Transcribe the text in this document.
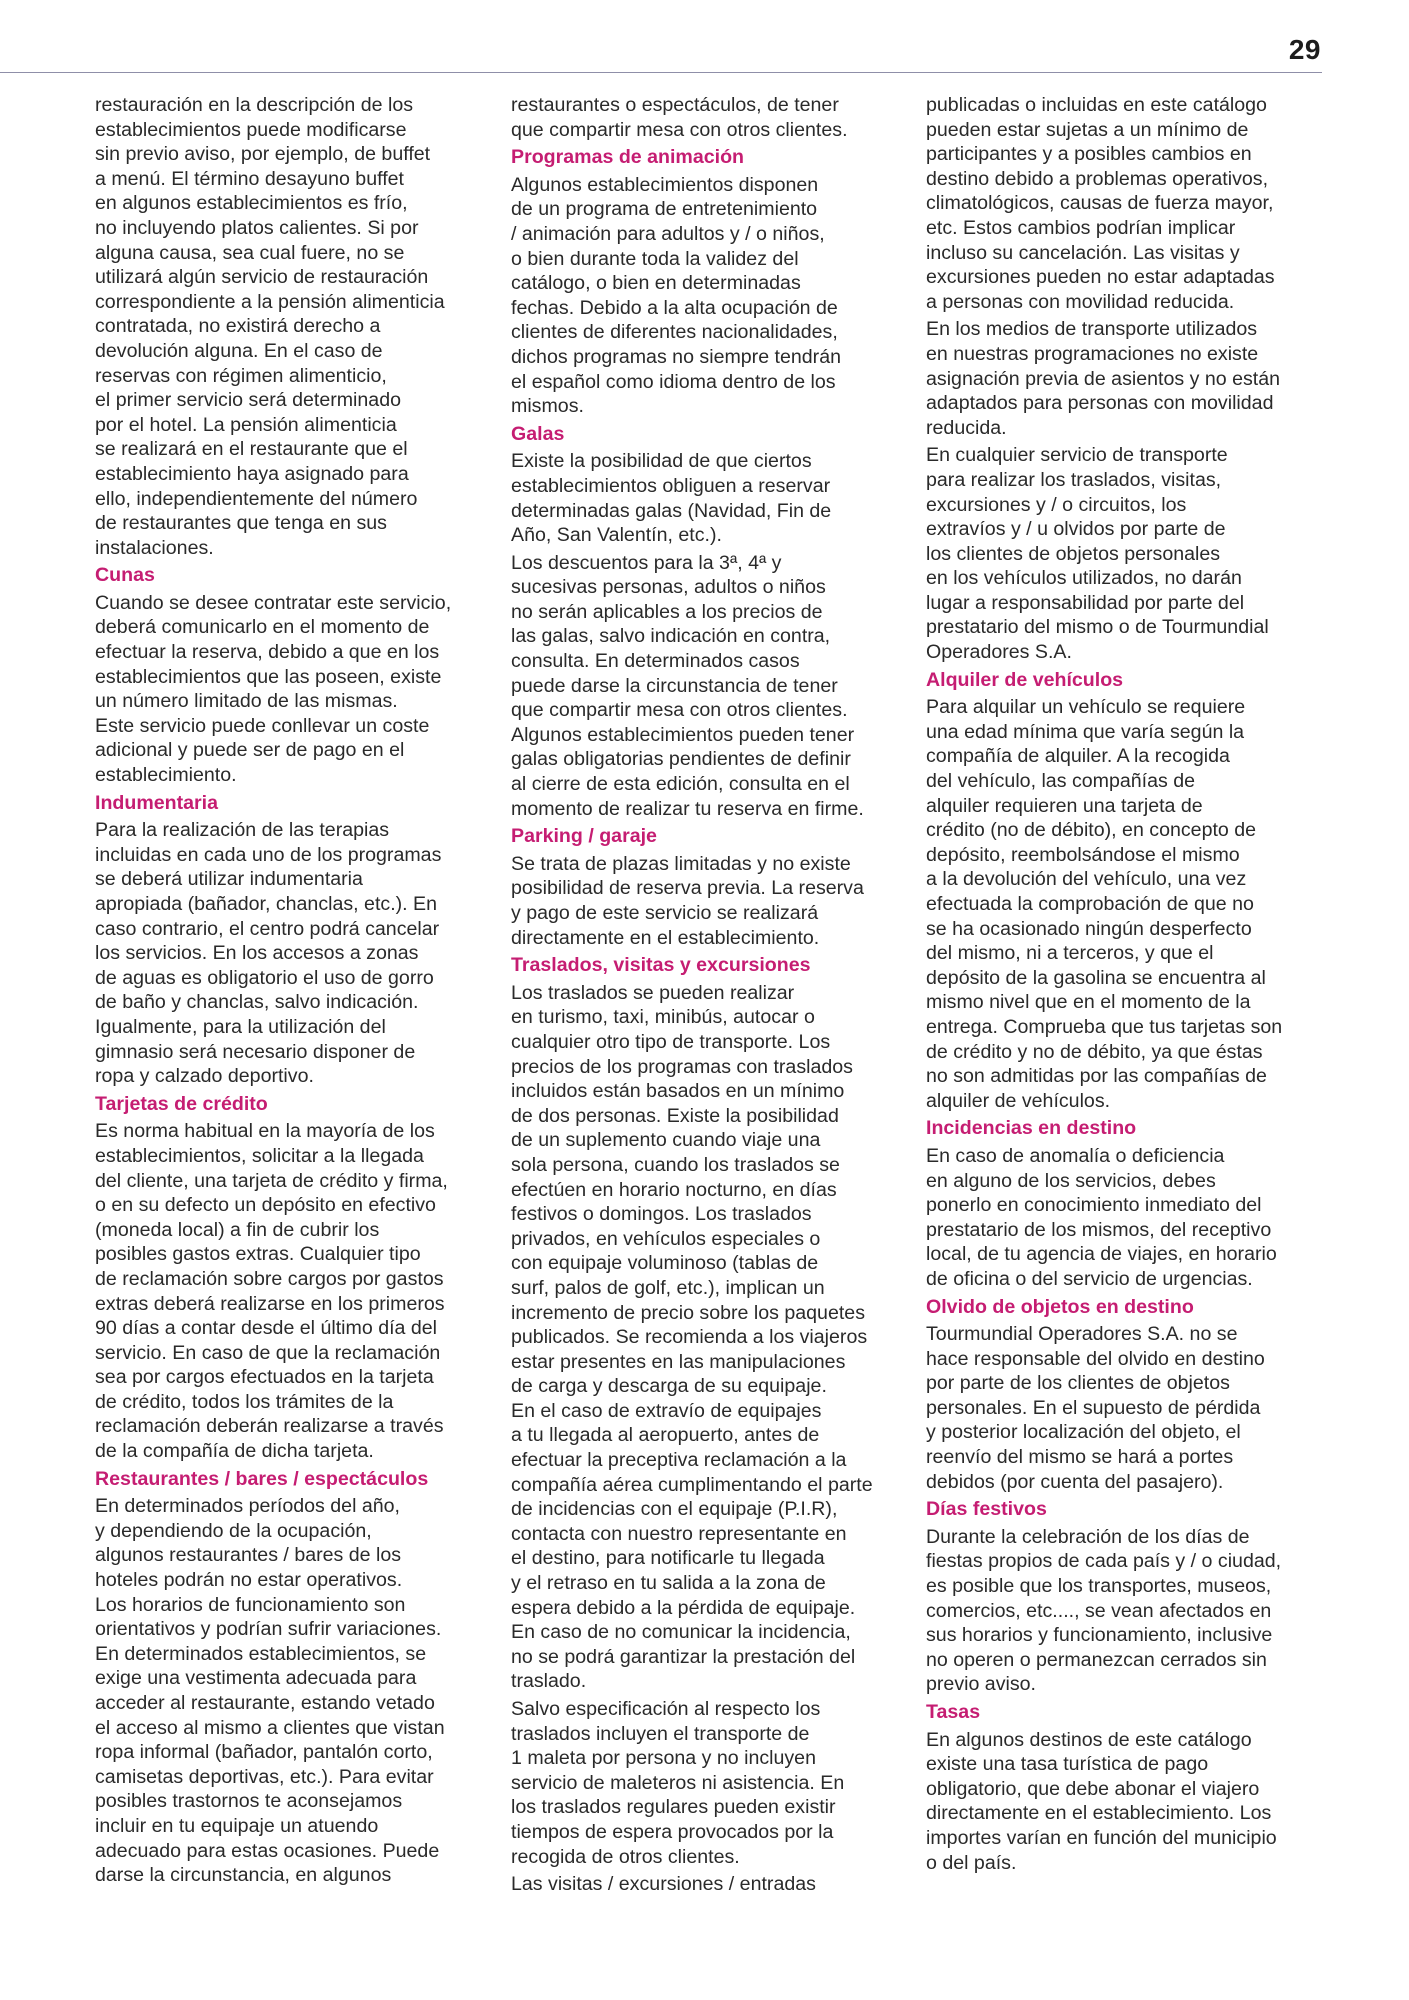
29

restauración en la descripción de los
establecimientos puede modificarse
sin previo aviso, por ejemplo, de buffet
a menú. El término desayuno buffet
en algunos establecimientos es frío,
no incluyendo platos calientes. Si por
alguna causa, sea cual fuere, no se
utilizará algún servicio de restauración
correspondiente a la pensión alimenticia
contratada, no existirá derecho a
devolución alguna. En el caso de
reservas con régimen alimenticio,
el primer servicio será determinado
por el hotel. La pensión alimenticia
se realizará en el restaurante que el
establecimiento haya asignado para
ello, independientemente del número
de restaurantes que tenga en sus
instalaciones.

Cunas

Cuando se desee contratar este servicio,
deberá comunicarlo en el momento de
efectuar la reserva, debido a que en los
establecimientos que las poseen, existe
un número limitado de las mismas.
Este servicio puede conllevar un coste
adicional y puede ser de pago en el
establecimiento.

Indumentaria

Para la realización de las terapias
incluidas en cada uno de los programas
se deberá utilizar indumentaria
apropiada (bañador, chanclas, etc.). En
caso contrario, el centro podrá cancelar
los servicios. En los accesos a zonas
de aguas es obligatorio el uso de gorro
de baño y chanclas, salvo indicación.
Igualmente, para la utilización del
gimnasio será necesario disponer de
ropa y calzado deportivo.

Tarjetas de crédito

Es norma habitual en la mayoría de los
establecimientos, solicitar a la llegada
del cliente, una tarjeta de crédito y firma,
o en su defecto un depósito en efectivo
(moneda local) a fin de cubrir los
posibles gastos extras. Cualquier tipo
de reclamación sobre cargos por gastos
extras deberá realizarse en los primeros
90 días a contar desde el último día del
servicio. En caso de que la reclamación
sea por cargos efectuados en la tarjeta
de crédito, todos los trámites de la
reclamación deberán realizarse a través
de la compañía de dicha tarjeta.

Restaurantes / bares / espectáculos

En determinados períodos del año,
y dependiendo de la ocupación,
algunos restaurantes / bares de los
hoteles podrán no estar operativos.
Los horarios de funcionamiento son
orientativos y podrían sufrir variaciones.
En determinados establecimientos, se
exige una vestimenta adecuada para
acceder al restaurante, estando vetado
el acceso al mismo a clientes que vistan
ropa informal (bañador, pantalón corto,
camisetas deportivas, etc.). Para evitar
posibles trastornos te aconsejamos
incluir en tu equipaje un atuendo
adecuado para estas ocasiones. Puede
darse la circunstancia, en algunos

restaurantes o espectáculos, de tener
que compartir mesa con otros clientes.

Programas de animación

Algunos establecimientos disponen
de un programa de entretenimiento
/ animación para adultos y / o niños,
o bien durante toda la validez del
catálogo, o bien en determinadas
fechas. Debido a la alta ocupación de
clientes de diferentes nacionalidades,
dichos programas no siempre tendrán
el español como idioma dentro de los
mismos.

Galas

Existe la posibilidad de que ciertos
establecimientos obliguen a reservar
determinadas galas (Navidad, Fin de
Año, San Valentín, etc.).

Los descuentos para la 3ª, 4ª y
sucesivas personas, adultos o niños
no serán aplicables a los precios de
las galas, salvo indicación en contra,
consulta. En determinados casos
puede darse la circunstancia de tener
que compartir mesa con otros clientes.
Algunos establecimientos pueden tener
galas obligatorias pendientes de definir
al cierre de esta edición, consulta en el
momento de realizar tu reserva en firme.

Parking / garaje

Se trata de plazas limitadas y no existe
posibilidad de reserva previa. La reserva
y pago de este servicio se realizará
directamente en el establecimiento.

Traslados, visitas y excursiones

Los traslados se pueden realizar
en turismo, taxi, minibús, autocar o
cualquier otro tipo de transporte. Los
precios de los programas con traslados
incluidos están basados en un mínimo
de dos personas. Existe la posibilidad
de un suplemento cuando viaje una
sola persona, cuando los traslados se
efectúen en horario nocturno, en días
festivos o domingos. Los traslados
privados, en vehículos especiales o
con equipaje voluminoso (tablas de
surf, palos de golf, etc.), implican un
incremento de precio sobre los paquetes
publicados. Se recomienda a los viajeros
estar presentes en las manipulaciones
de carga y descarga de su equipaje.
En el caso de extravío de equipajes
a tu llegada al aeropuerto, antes de
efectuar la preceptiva reclamación a la
compañía aérea cumplimentando el parte
de incidencias con el equipaje (P.I.R),
contacta con nuestro representante en
el destino, para notificarle tu llegada
y el retraso en tu salida a la zona de
espera debido a la pérdida de equipaje.
En caso de no comunicar la incidencia,
no se podrá garantizar la prestación del
traslado.

Salvo especificación al respecto los
traslados incluyen el transporte de
1 maleta por persona y no incluyen
servicio de maleteros ni asistencia. En
los traslados regulares pueden existir
tiempos de espera provocados por la
recogida de otros clientes.

Las visitas / excursiones / entradas

publicadas o incluidas en este catálogo
pueden estar sujetas a un mínimo de
participantes y a posibles cambios en
destino debido a problemas operativos,
climatológicos, causas de fuerza mayor,
etc. Estos cambios podrían implicar
incluso su cancelación. Las visitas y
excursiones pueden no estar adaptadas
a personas con movilidad reducida.

En los medios de transporte utilizados
en nuestras programaciones no existe
asignación previa de asientos y no están
adaptados para personas con movilidad
reducida.

En cualquier servicio de transporte
para realizar los traslados, visitas,
excursiones y / o circuitos, los
extravíos y / u olvidos por parte de
los clientes de objetos personales
en los vehículos utilizados, no darán
lugar a responsabilidad por parte del
prestatario del mismo o de Tourmundial
Operadores S.A.

Alquiler de vehículos

Para alquilar un vehículo se requiere
una edad mínima que varía según la
compañía de alquiler. A la recogida
del vehículo, las compañías de
alquiler requieren una tarjeta de
crédito (no de débito), en concepto de
depósito, reembolsándose el mismo
a la devolución del vehículo, una vez
efectuada la comprobación de que no
se ha ocasionado ningún desperfecto
del mismo, ni a terceros, y que el
depósito de la gasolina se encuentra al
mismo nivel que en el momento de la
entrega. Comprueba que tus tarjetas son
de crédito y no de débito, ya que éstas
no son admitidas por las compañías de
alquiler de vehículos.

Incidencias en destino

En caso de anomalía o deficiencia
en alguno de los servicios, debes
ponerlo en conocimiento inmediato del
prestatario de los mismos, del receptivo
local, de tu agencia de viajes, en horario
de oficina o del servicio de urgencias.

Olvido de objetos en destino

Tourmundial Operadores S.A. no se
hace responsable del olvido en destino
por parte de los clientes de objetos
personales. En el supuesto de pérdida
y posterior localización del objeto, el
reenvío del mismo se hará a portes
debidos (por cuenta del pasajero).

Días festivos

Durante la celebración de los días de
fiestas propios de cada país y / o ciudad,
es posible que los transportes, museos,
comercios, etc...., se vean afectados en
sus horarios y funcionamiento, inclusive
no operen o permanezcan cerrados sin
previo aviso.

Tasas

En algunos destinos de este catálogo
existe una tasa turística de pago
obligatorio, que debe abonar el viajero
directamente en el establecimiento. Los
importes varían en función del municipio
o del país.
